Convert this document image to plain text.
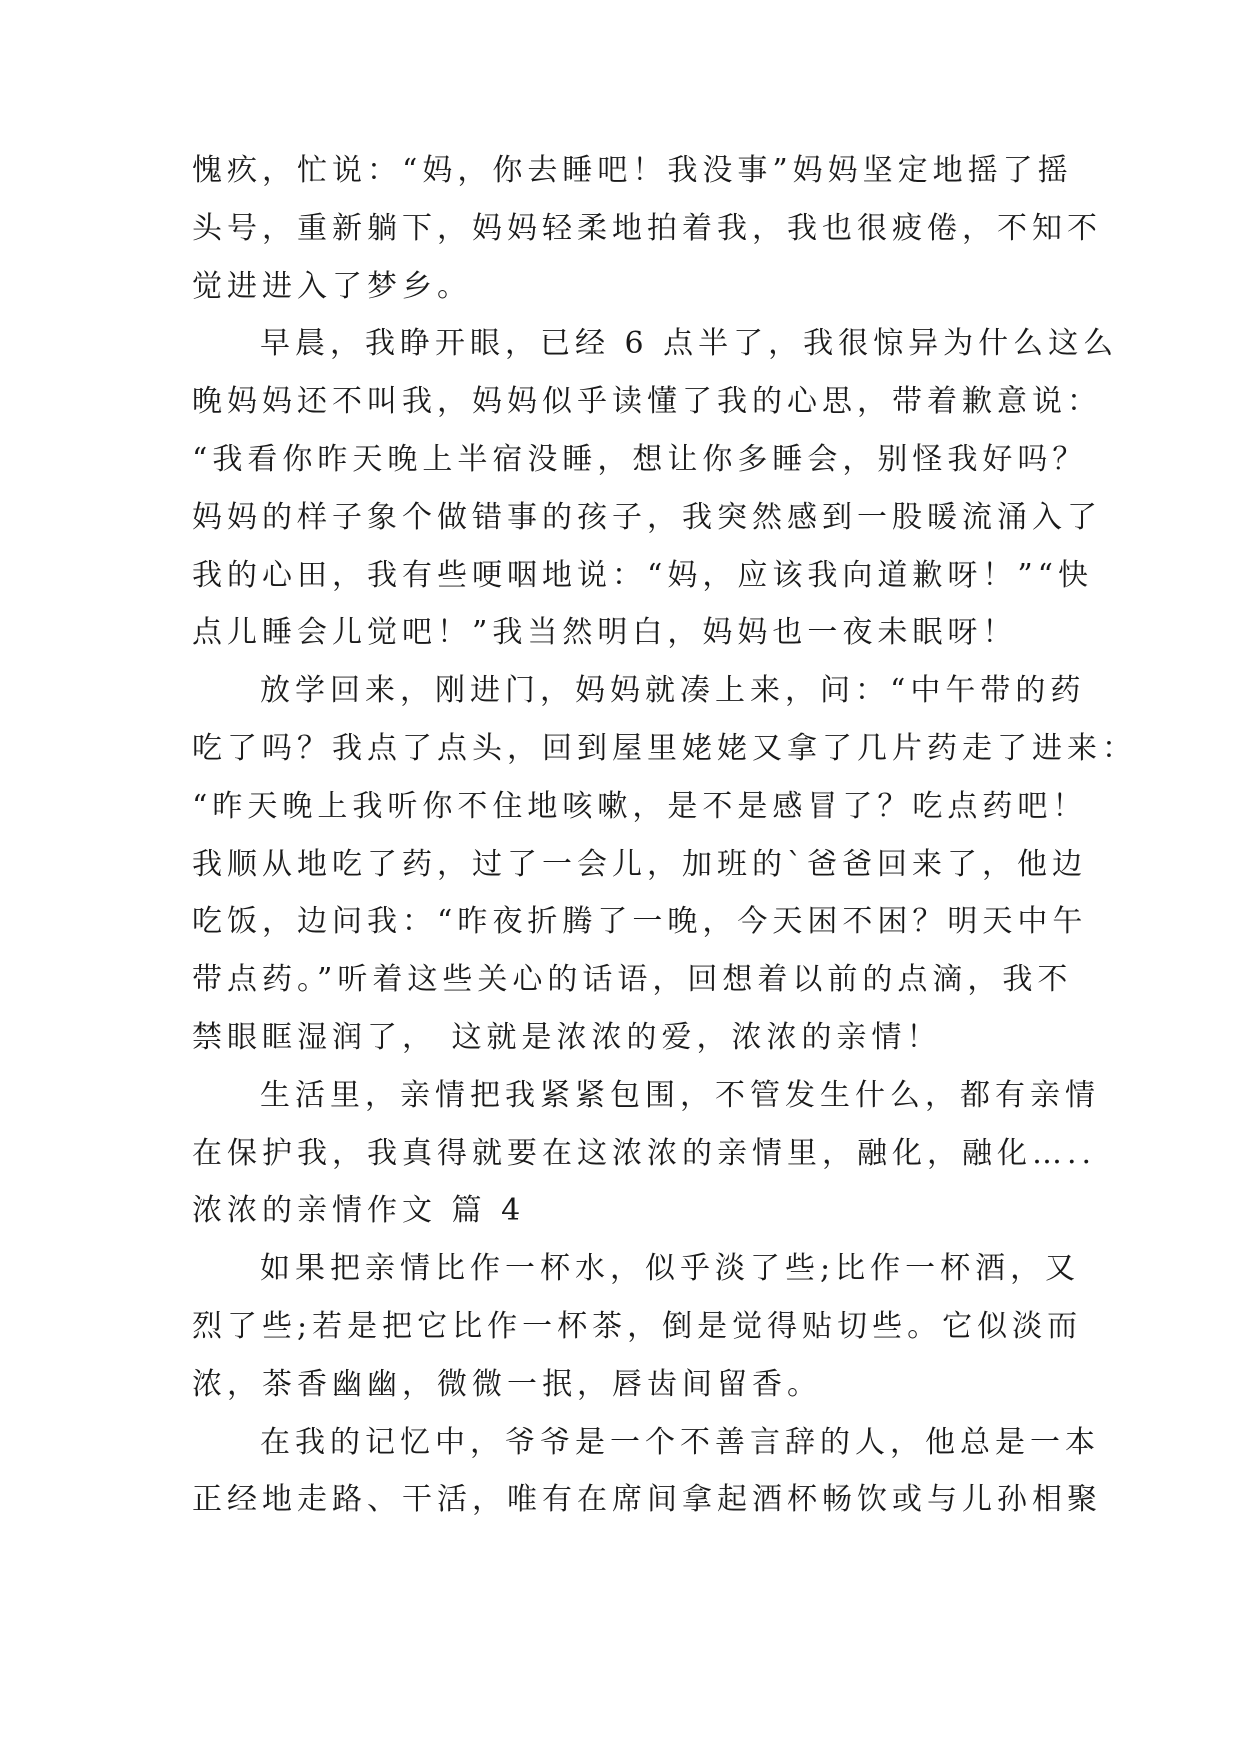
愧疚，忙说：“妈，你去睡吧！我没事”妈妈坚定地摇了摇
头号，重新躺下，妈妈轻柔地拍着我，我也很疲倦，不知不
觉进进入了梦乡。
早晨，我睁开眼，已经 6 点半了，我很惊异为什么这么
晚妈妈还不叫我，妈妈似乎读懂了我的心思，带着歉意说：
“我看你昨天晚上半宿没睡，想让你多睡会，别怪我好吗？
妈妈的样子象个做错事的孩子，我突然感到一股暖流涌入了
我的心田，我有些哽咽地说：“妈，应该我向道歉呀！”“快
点儿睡会儿觉吧！”我当然明白，妈妈也一夜未眠呀！
放学回来，刚进门，妈妈就凑上来，问：“中午带的药
吃了吗？我点了点头，回到屋里姥姥又拿了几片药走了进来：
“昨天晚上我听你不住地咳嗽，是不是感冒了？吃点药吧！
我顺从地吃了药，过了一会儿，加班的`爸爸回来了，他边
吃饭，边问我：“昨夜折腾了一晚，今天困不困？明天中午
带点药。”听着这些关心的话语，回想着以前的点滴，我不
禁眼眶湿润了， 这就是浓浓的爱，浓浓的亲情！
生活里，亲情把我紧紧包围，不管发生什么，都有亲情
在保护我，我真得就要在这浓浓的亲情里，融化，融化…..
浓浓的亲情作文 篇 4
如果把亲情比作一杯水，似乎淡了些;比作一杯酒，又
烈了些;若是把它比作一杯茶，倒是觉得贴切些。它似淡而
浓，茶香幽幽，微微一抿，唇齿间留香。
在我的记忆中，爷爷是一个不善言辞的人，他总是一本
正经地走路、干活，唯有在席间拿起酒杯畅饮或与儿孙相聚
